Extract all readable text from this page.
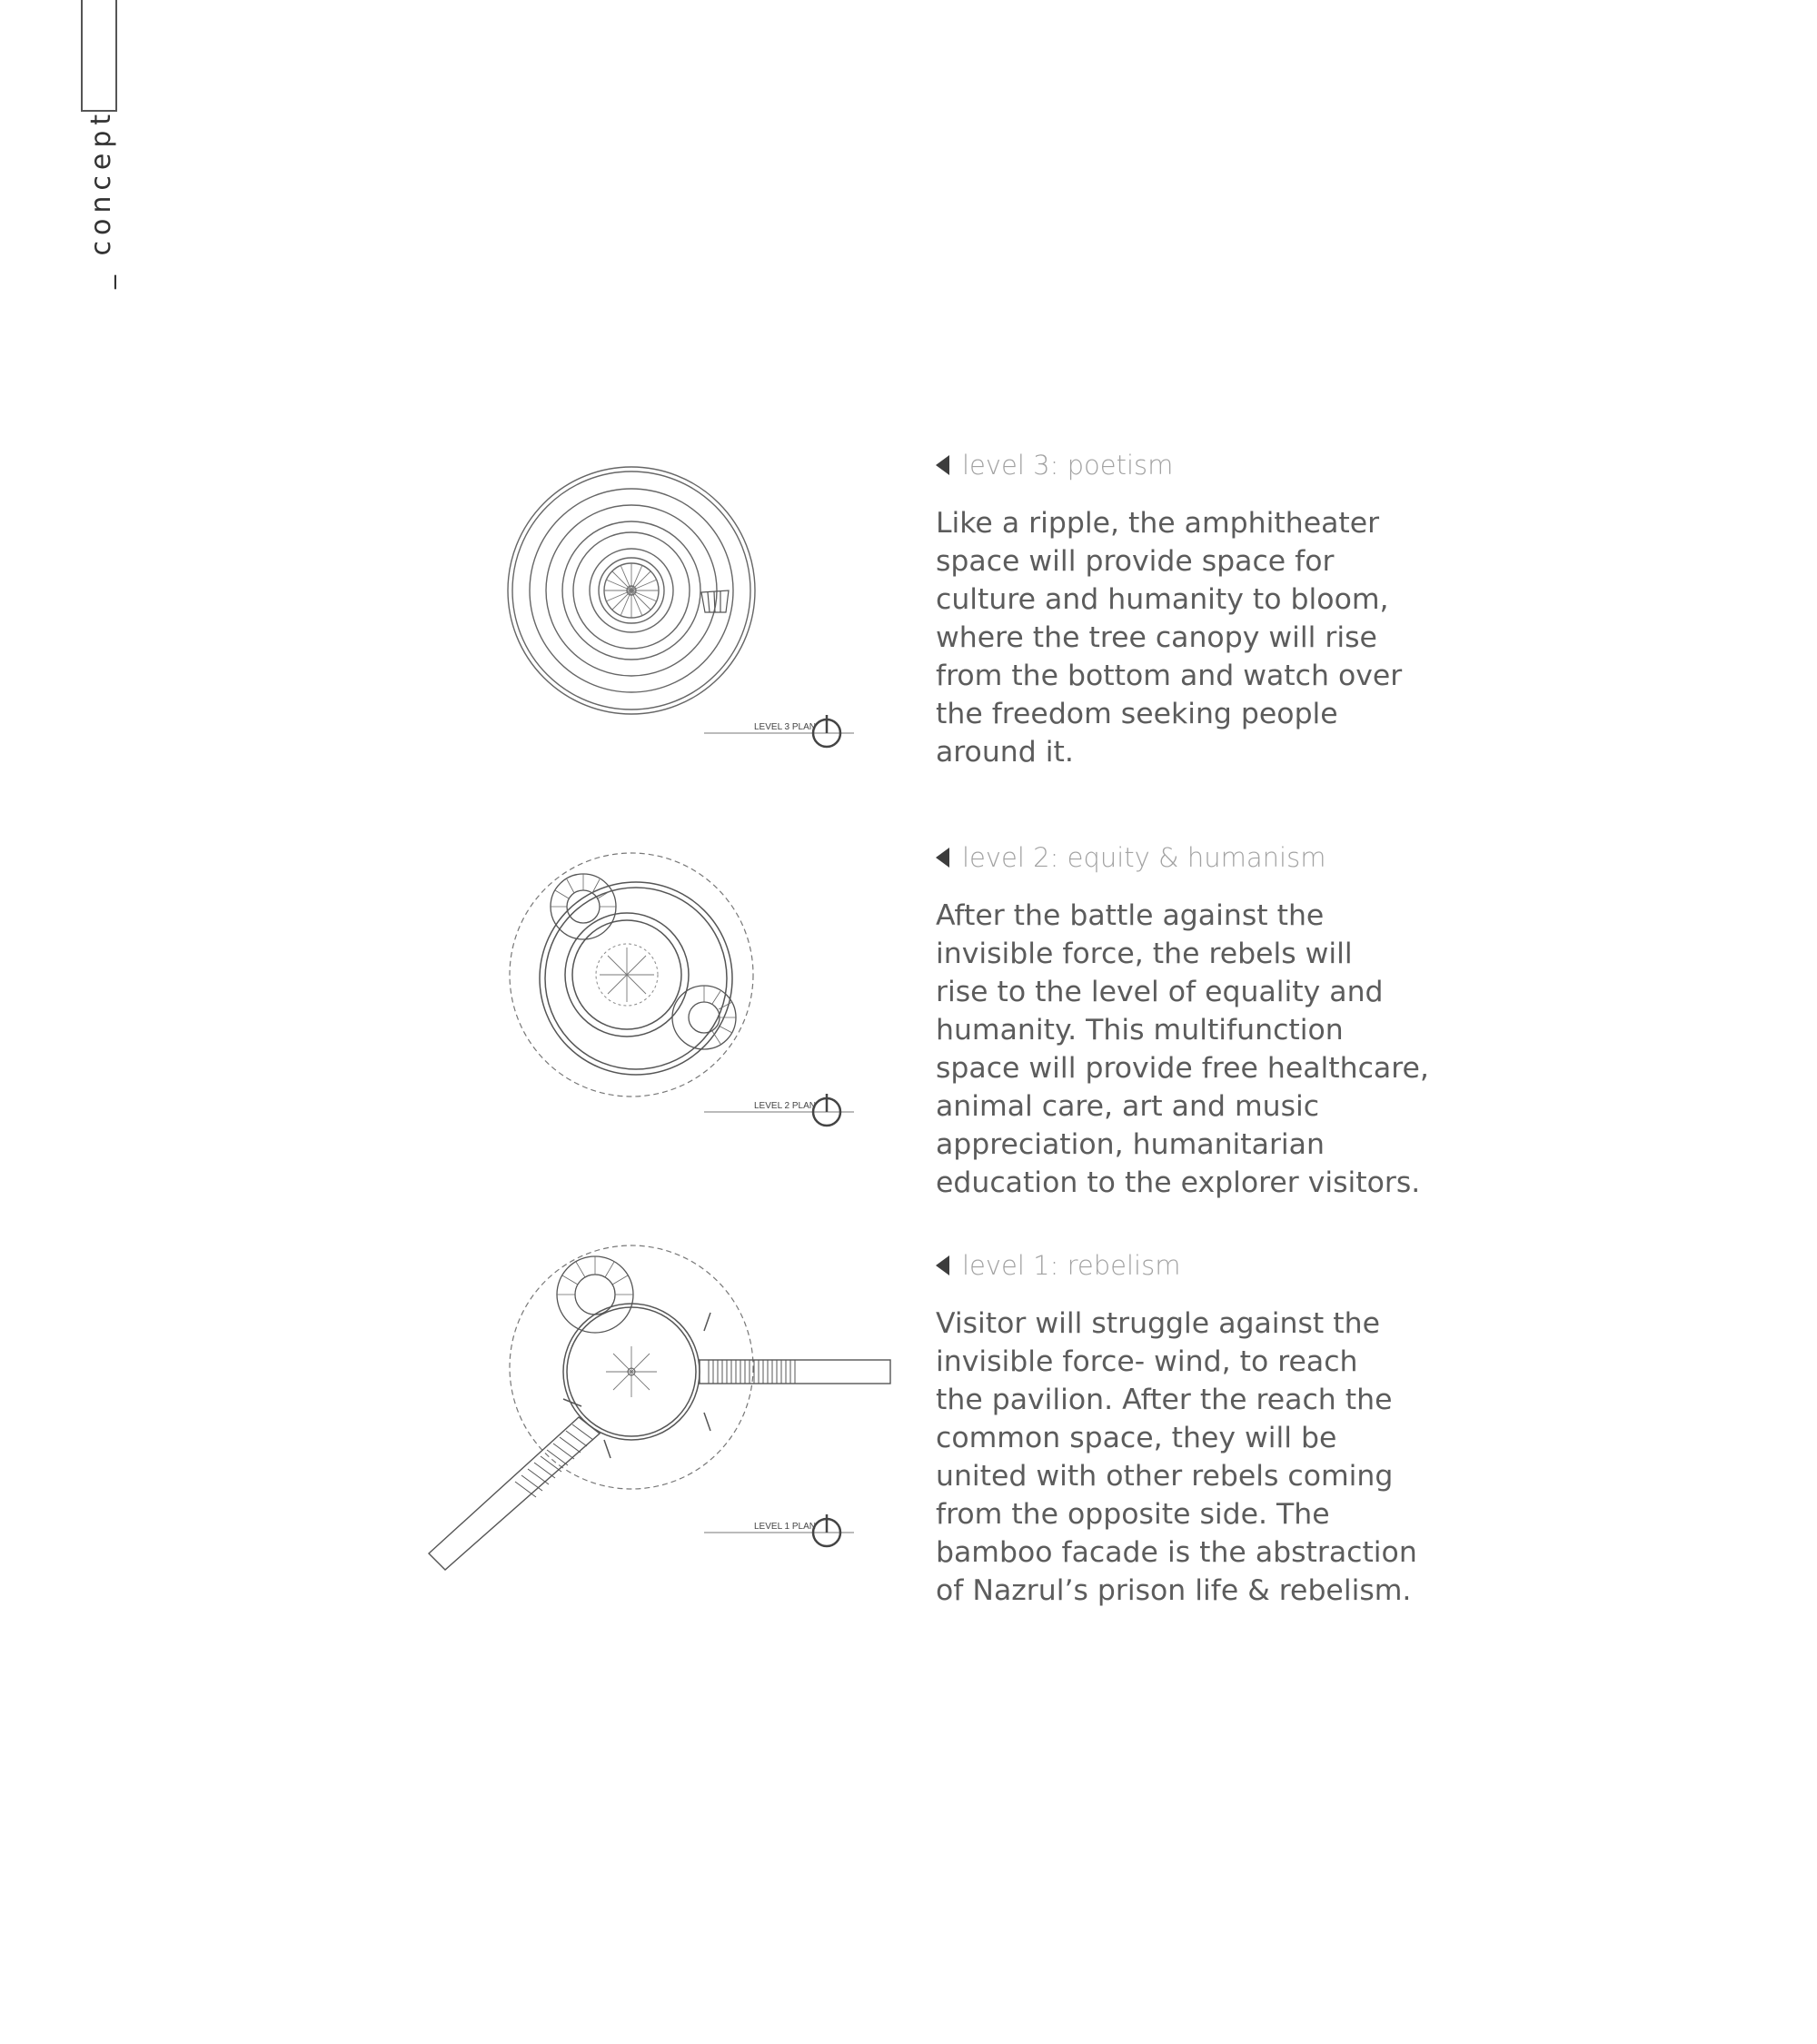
_ concept
LEVEL 3 PLAN
LEVEL 2 PLAN
LEVEL 1 PLAN
level 3: poetism
Like a ripple, the amphitheater
space will provide space for
culture and humanity to bloom,
where the tree canopy will rise
from the bottom and watch over
the freedom seeking people
around it.
level 2: equity & humanism
After the battle against the
invisible force, the rebels will
rise to the level of equality and
humanity. This multifunction
space will provide free healthcare,
animal care, art and music
appreciation, humanitarian
education to the explorer visitors.
level 1: rebelism
Visitor will struggle against the
invisible force- wind, to reach
the pavilion. After the reach the
common space, they will be
united with other rebels coming
from the opposite side. The
bamboo facade is the abstraction
of Nazrul’s prison life & rebelism.
